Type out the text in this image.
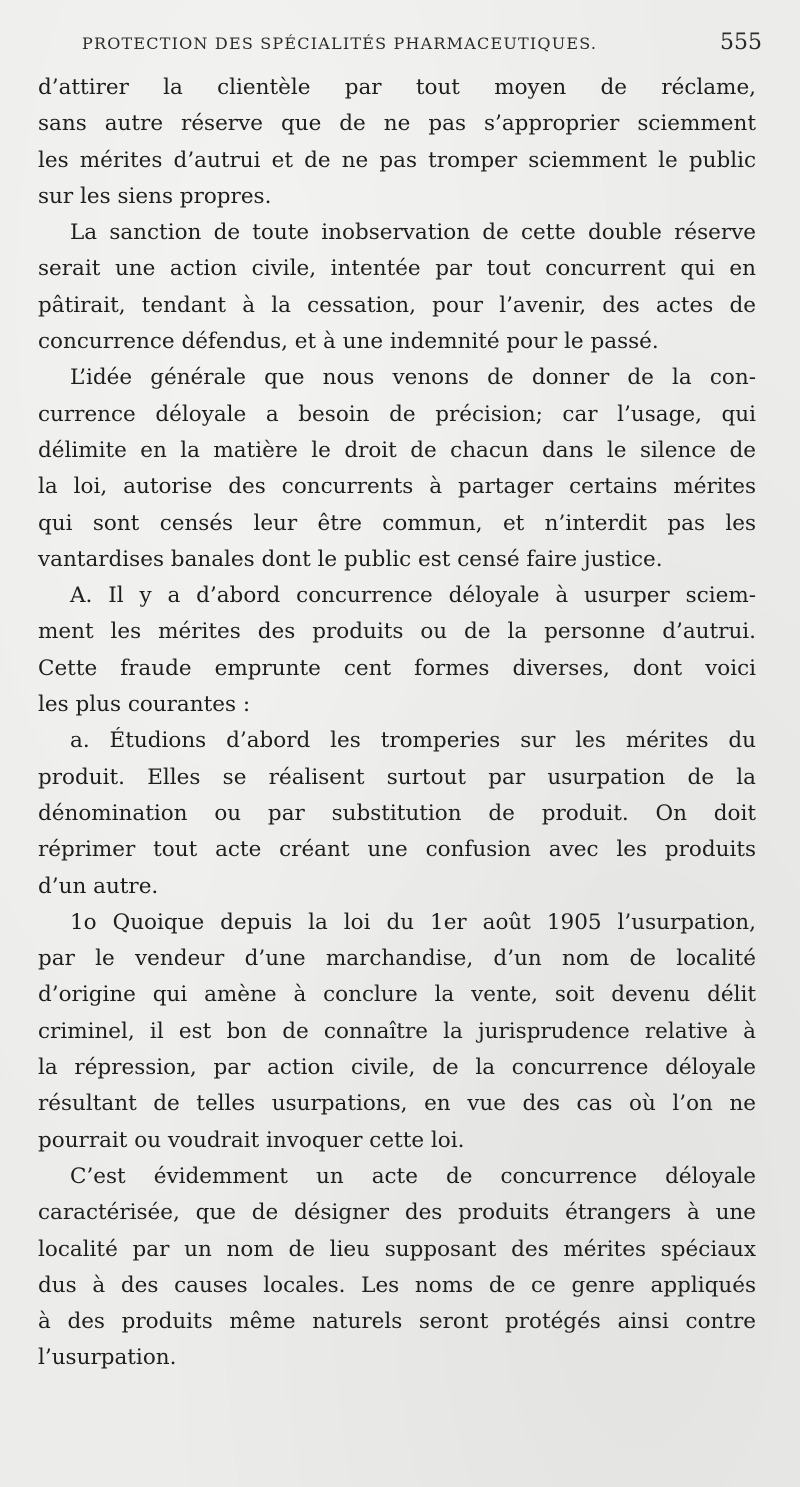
PROTECTION DES SPÉCIALITÉS PHARMACEUTIQUES.	555
d’attirer la clientèle par tout moyen de réclame,
sans autre réserve que de ne pas s’approprier sciemment
les mérites d’autrui et de ne pas tromper sciemment le public
sur les siens propres.
La sanction de toute inobservation de cette double réserve
serait une action civile, intentée par tout concurrent qui en
pâtirait, tendant à la cessation, pour l’avenir, des actes de
concurrence défendus, et à une indemnité pour le passé.
L’idée générale que nous venons de donner de la con-
currence déloyale a besoin de précision; car l’usage, qui
délimite en la matière le droit de chacun dans le silence de
la loi, autorise des concurrents à partager certains mérites
qui sont censés leur être commun, et n’interdit pas les
vantardises banales dont le public est censé faire justice.
A. Il y a d’abord concurrence déloyale à usurper sciem-
ment les mérites des produits ou de la personne d’autrui.
Cette fraude emprunte cent formes diverses, dont voici
les plus courantes :
a. Étudions d’abord les tromperies sur les mérites du
produit. Elles se réalisent surtout par usurpation de la
dénomination ou par substitution de produit. On doit
réprimer tout acte créant une confusion avec les produits
d’un autre.
1o Quoique depuis la loi du 1er août 1905 l’usurpation,
par le vendeur d’une marchandise, d’un nom de localité
d’origine qui amène à conclure la vente, soit devenu délit
criminel, il est bon de connaître la jurisprudence relative à
la répression, par action civile, de la concurrence déloyale
résultant de telles usurpations, en vue des cas où l’on ne
pourrait ou voudrait invoquer cette loi.
C’est évidemment un acte de concurrence déloyale
caractérisée, que de désigner des produits étrangers à une
localité par un nom de lieu supposant des mérites spéciaux
dus à des causes locales. Les noms de ce genre appliqués
à des produits même naturels seront protégés ainsi contre
l’usurpation.
